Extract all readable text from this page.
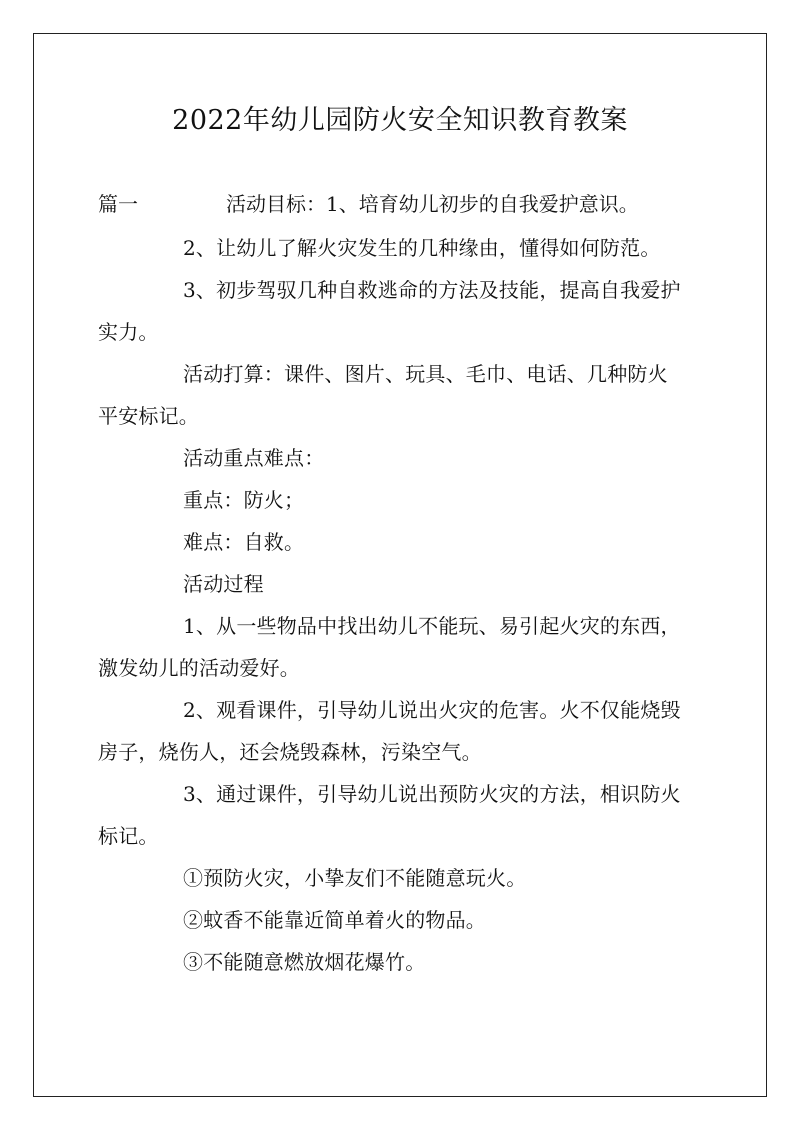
2022年幼儿园防火安全知识教育教案
篇一	活动目标：1、培育幼儿初步的自我爱护意识。
2、让幼儿了解火灾发生的几种缘由，懂得如何防范。
3、初步驾驭几种自救逃命的方法及技能，提高自我爱护
实力。
活动打算：课件、图片、玩具、毛巾、电话、几种防火
平安标记。
活动重点难点：
重点：防火；
难点：自救。
活动过程
1、从一些物品中找出幼儿不能玩、易引起火灾的东西，
激发幼儿的活动爱好。
2、观看课件，引导幼儿说出火灾的危害。火不仅能烧毁
房子，烧伤人，还会烧毁森林，污染空气。
3、通过课件，引导幼儿说出预防火灾的方法，相识防火
标记。
①预防火灾，小挚友们不能随意玩火。
②蚊香不能靠近简单着火的物品。
③不能随意燃放烟花爆竹。
